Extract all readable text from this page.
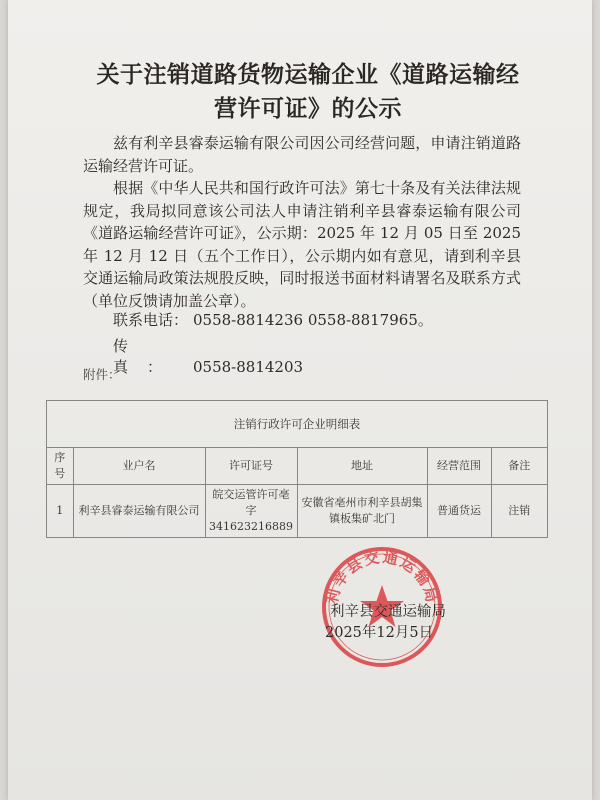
关于注销道路货物运输企业《道路运输经
营许可证》的公示

兹有利辛县睿泰运输有限公司因公司经营问题，申请注销道路运输经营许可证。

根据《中华人民共和国行政许可法》第七十条及有关法律法规规定，我局拟同意该公司法人申请注销利辛县睿泰运输有限公司《道路运输经营许可证》，公示期：2025 年 12 月 05 日至 2025 年 12 月 12 日（五个工作日），公示期内如有意见，请到利辛县交通运输局政策法规股反映，同时报送书面材料请署名及联系方式（单位反馈请加盖公章）。

联系电话： 0558-8814236 0558-8817965。
传真： 0558-8814203
附件：
注销行政许可企业明细表
序号	业户名	许可证号	地址	经营范围	备注
1	利辛县睿泰运输有限公司	皖交运管许可亳字341623216889	安徽省亳州市利辛县胡集镇板集矿北门	普通货运	注销
利辛县交通运输局
利辛县交通运输局
2025年12月5日
